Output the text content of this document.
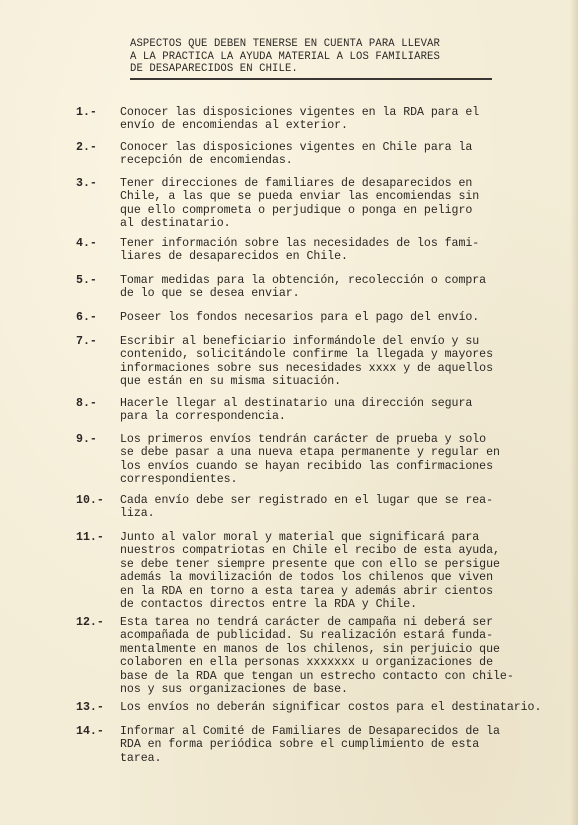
ASPECTOS QUE DEBEN TENERSE EN CUENTA PARA LLEVAR
A LA PRACTICA LA AYUDA MATERIAL A LOS FAMILIARES
DE DESAPARECIDOS EN CHILE.
1.-	Conocer las disposiciones vigentes en la RDA para el
envío de encomiendas al exterior.
2.-	Conocer las disposiciones vigentes en Chile para la
recepción de encomiendas.
3.-	Tener direcciones de familiares de desaparecidos en
Chile, a las que se pueda enviar las encomiendas sin
que ello comprometa o perjudique o ponga en peligro
al destinatario.
4.-	Tener información sobre las necesidades de los fami-
liares de desaparecidos en Chile.
5.-	Tomar medidas para la obtención, recolección o compra
de lo que se desea enviar.
6.-	Poseer los fondos necesarios para el pago del envío.
7.-	Escribir al beneficiario informándole del envío y su
contenido, solicitándole confirme la llegada y mayores
informaciones sobre sus necesidades xxxx y de aquellos
que están en su misma situación.
8.-	Hacerle llegar al destinatario una dirección segura
para la correspondencia.
9.-	Los primeros envíos tendrán carácter de prueba y solo
se debe pasar a una nueva etapa permanente y regular en
los envíos cuando se hayan recibido las confirmaciones
correspondientes.
10.-	Cada envío debe ser registrado en el lugar que se rea-
liza.
11.-	Junto al valor moral y material que significará para
nuestros compatriotas en Chile el recibo de esta ayuda,
se debe tener siempre presente que con ello se persigue
además la movilización de todos los chilenos que viven
en la RDA en torno a esta tarea y además abrir cientos
de contactos directos entre la RDA y Chile.
12.-	Esta tarea no tendrá carácter de campaña ni deberá ser
acompañada de publicidad. Su realización estará funda-
mentalmente en manos de los chilenos, sin perjuicio que
colaboren en ella personas xxxxxxx u organizaciones de
base de la RDA que tengan un estrecho contacto con chile-
nos y sus organizaciones de base.
13.-	Los envíos no deberán significar costos para el destinatario.
14.-	Informar al Comité de Familiares de Desaparecidos de la
RDA en forma periódica sobre el cumplimiento de esta
tarea.
